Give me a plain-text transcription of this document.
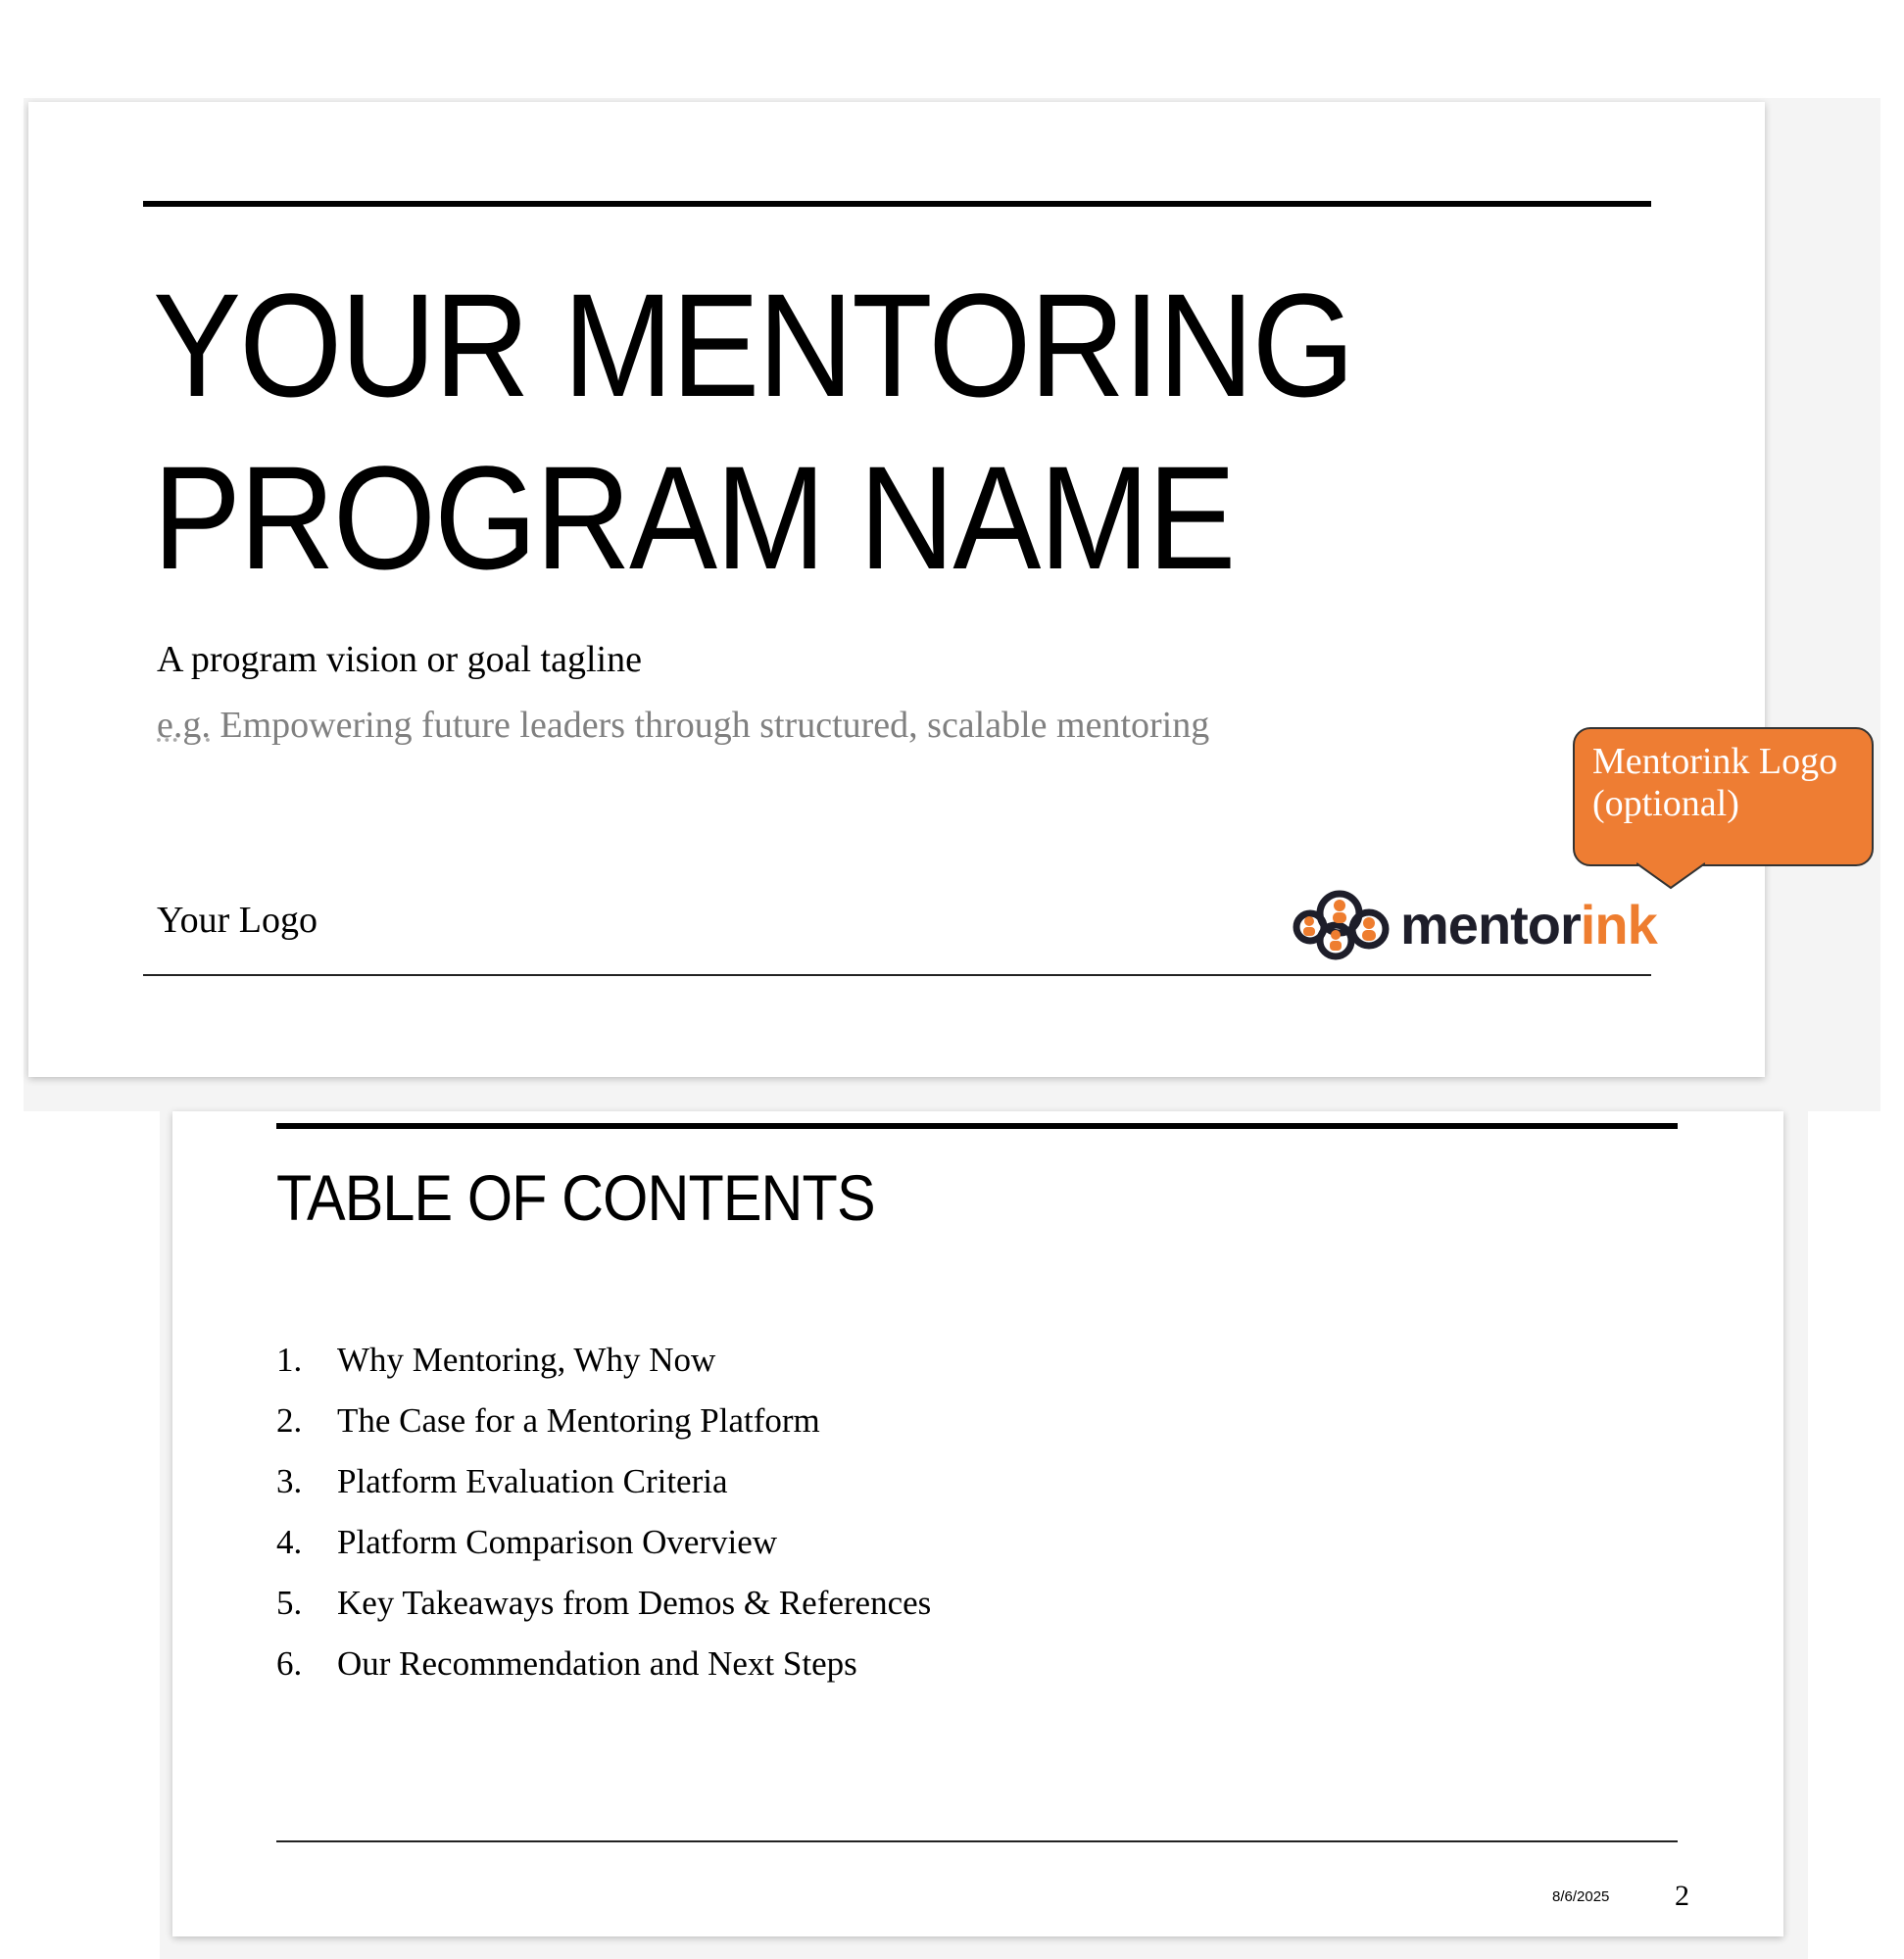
YOUR MENTORING
PROGRAM NAME
A program vision or goal tagline
e.g. Empowering future leaders through structured, scalable mentoring
Your Logo	mentorink
Mentorink Logo
(optional)
TABLE OF CONTENTS
1.	Why Mentoring, Why Now
2.	The Case for a Mentoring Platform
3.	Platform Evaluation Criteria
4.	Platform Comparison Overview
5.	Key Takeaways from Demos & References
6.	Our Recommendation and Next Steps
8/6/2025 2
